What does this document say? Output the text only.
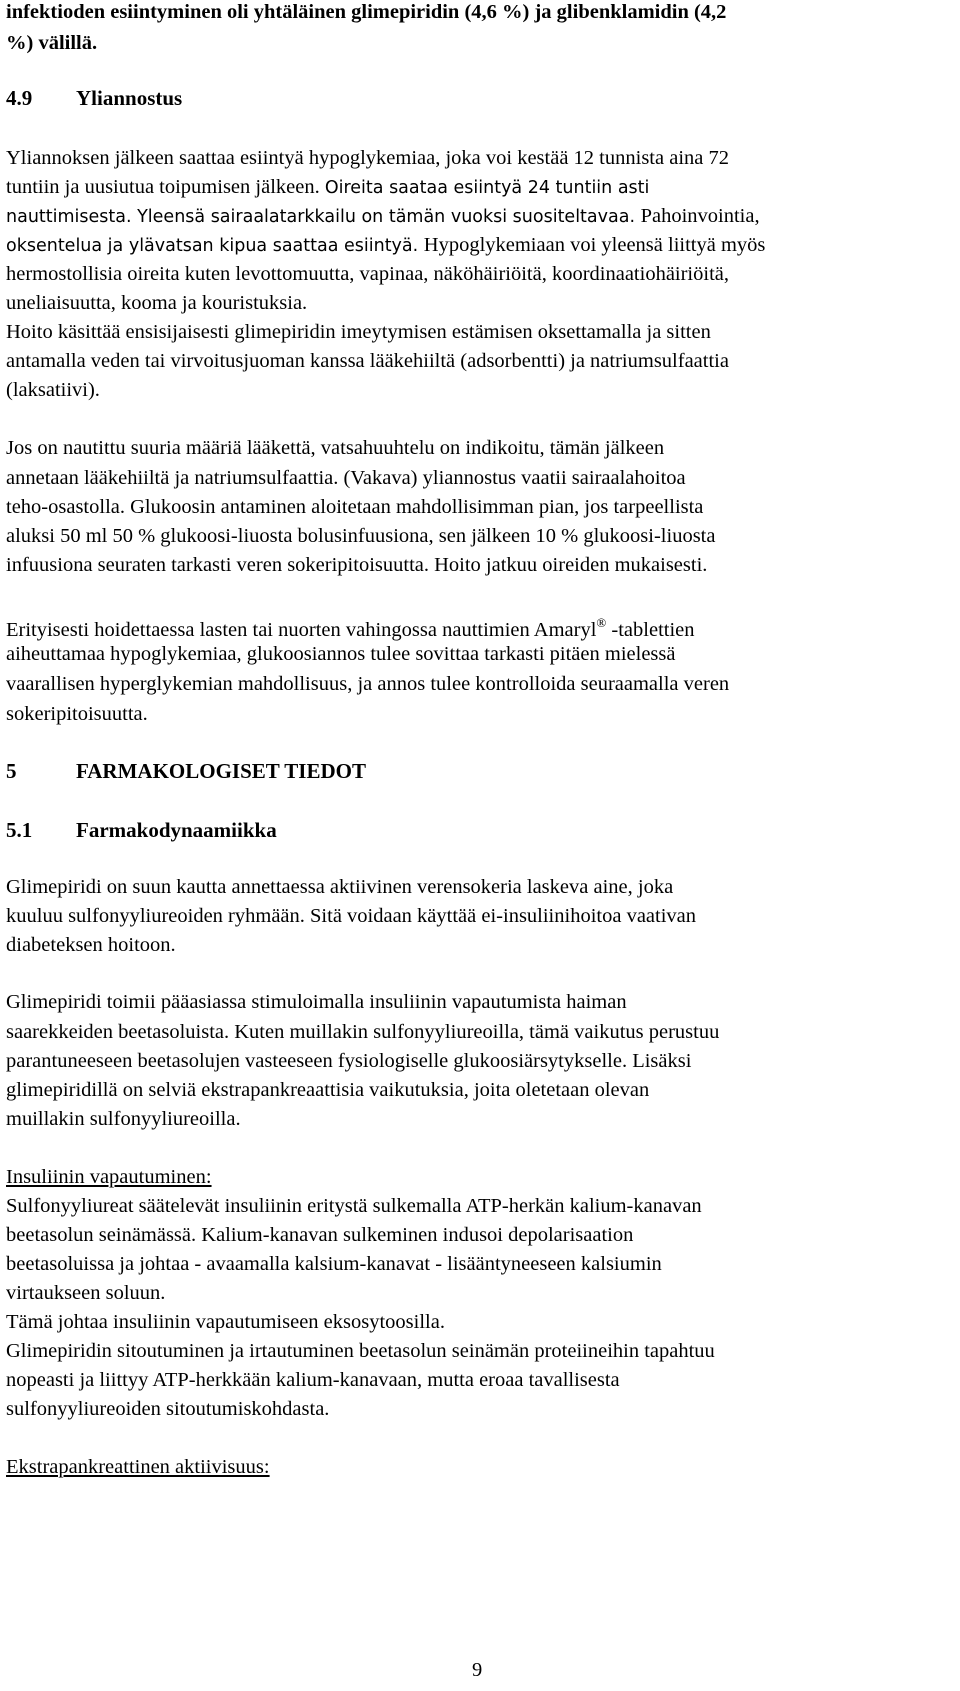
infektioden esiintyminen oli yhtäläinen glimepiridin (4,6 %) ja glibenklamidin (4,2
%) välillä.
4.9 Yliannostus
Yliannoksen jälkeen saattaa esiintyä hypoglykemiaa, joka voi kestää 12 tunnista aina 72
tuntiin ja uusiutua toipumisen jälkeen. Oireita saataa esiintyä 24 tuntiin asti
nauttimisesta. Yleensä sairaalatarkkailu on tämän vuoksi suositeltavaa. Pahoinvointia,
oksentelua ja ylävatsan kipua saattaa esiintyä. Hypoglykemiaan voi yleensä liittyä myös
hermostollisia oireita kuten levottomuutta, vapinaa, näköhäiriöitä, koordinaatiohäiriöitä,
uneliaisuutta, kooma ja kouristuksia.
Hoito käsittää ensisijaisesti glimepiridin imeytymisen estämisen oksettamalla ja sitten
antamalla veden tai virvoitusjuoman kanssa lääkehiiltä (adsorbentti) ja natriumsulfaattia
(laksatiivi).
Jos on nautittu suuria määriä lääkettä, vatsahuuhtelu on indikoitu, tämän jälkeen
annetaan lääkehiiltä ja natriumsulfaattia. (Vakava) yliannostus vaatii sairaalahoitoa
teho-osastolla. Glukoosin antaminen aloitetaan mahdollisimman pian, jos tarpeellista
aluksi 50 ml 50 % glukoosi-liuosta bolusinfuusiona, sen jälkeen 10 % glukoosi-liuosta
infuusiona seuraten tarkasti veren sokeripitoisuutta. Hoito jatkuu oireiden mukaisesti.
Erityisesti hoidettaessa lasten tai nuorten vahingossa nauttimien Amaryl® -tablettien
aiheuttamaa hypoglykemiaa, glukoosiannos tulee sovittaa tarkasti pitäen mielessä
vaarallisen hyperglykemian mahdollisuus, ja annos tulee kontrolloida seuraamalla veren
sokeripitoisuutta.
5	FARMAKOLOGISET TIEDOT
5.1 Farmakodynaamiikka
Glimepiridi on suun kautta annettaessa aktiivinen verensokeria laskeva aine, joka
kuuluu sulfonyyliureoiden ryhmään. Sitä voidaan käyttää ei-insuliinihoitoa vaativan
diabeteksen hoitoon.
Glimepiridi toimii pääasiassa stimuloimalla insuliinin vapautumista haiman
saarekkeiden beetasoluista. Kuten muillakin sulfonyyliureoilla, tämä vaikutus perustuu
parantuneeseen beetasolujen vasteeseen fysiologiselle glukoosiärsytykselle. Lisäksi
glimepiridillä on selviä ekstrapankreaattisia vaikutuksia, joita oletetaan olevan
muillakin sulfonyyliureoilla.
Insuliinin vapautuminen:
Sulfonyyliureat säätelevät insuliinin eritystä sulkemalla ATP-herkän kalium-kanavan
beetasolun seinämässä. Kalium-kanavan sulkeminen indusoi depolarisaation
beetasoluissa ja johtaa - avaamalla kalsium-kanavat - lisääntyneeseen kalsiumin
virtaukseen soluun.
Tämä johtaa insuliinin vapautumiseen eksosytoosilla.
Glimepiridin sitoutuminen ja irtautuminen beetasolun seinämän proteiineihin tapahtuu
nopeasti ja liittyy ATP-herkkään kalium-kanavaan, mutta eroaa tavallisesta
sulfonyyliureoiden sitoutumiskohdasta.
Ekstrapankreattinen aktiivisuus:
9
